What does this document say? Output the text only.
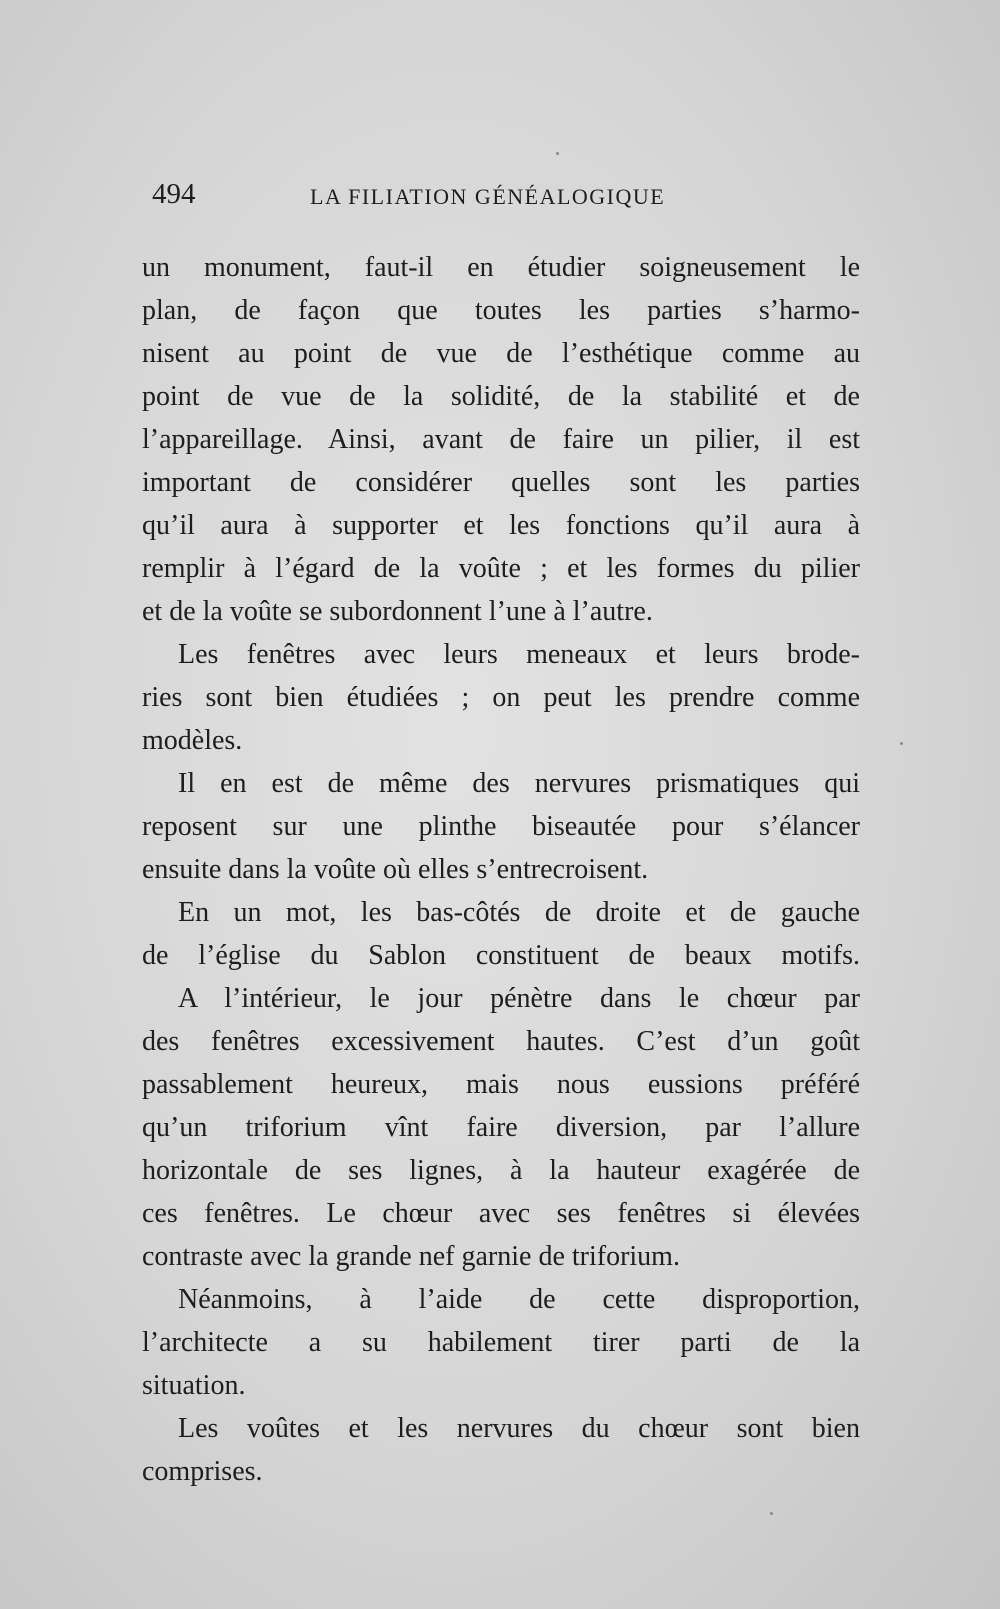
494	LA FILIATION GÉNÉALOGIQUE
un monument, faut-il en étudier soigneusement le
plan, de façon que toutes les parties s’harmo-
nisent au point de vue de l’esthétique comme au
point de vue de la solidité, de la stabilité et de
l’appareillage. Ainsi, avant de faire un pilier, il est
important de considérer quelles sont les parties
qu’il aura à supporter et les fonctions qu’il aura à
remplir à l’égard de la voûte ; et les formes du pilier
et de la voûte se subordonnent l’une à l’autre.
Les fenêtres avec leurs meneaux et leurs brode-
ries sont bien étudiées ; on peut les prendre comme
modèles.
Il en est de même des nervures prismatiques qui
reposent sur une plinthe biseautée pour s’élancer
ensuite dans la voûte où elles s’entrecroisent.
En un mot, les bas-côtés de droite et de gauche
de l’église du Sablon constituent de beaux motifs.
A l’intérieur, le jour pénètre dans le chœur par
des fenêtres excessivement hautes. C’est d’un goût
passablement heureux, mais nous eussions préféré
qu’un triforium vînt faire diversion, par l’allure
horizontale de ses lignes, à la hauteur exagérée de
ces fenêtres. Le chœur avec ses fenêtres si élevées
contraste avec la grande nef garnie de triforium.
Néanmoins, à l’aide de cette disproportion,
l’architecte a su habilement tirer parti de la
situation.
Les voûtes et les nervures du chœur sont bien
comprises.
